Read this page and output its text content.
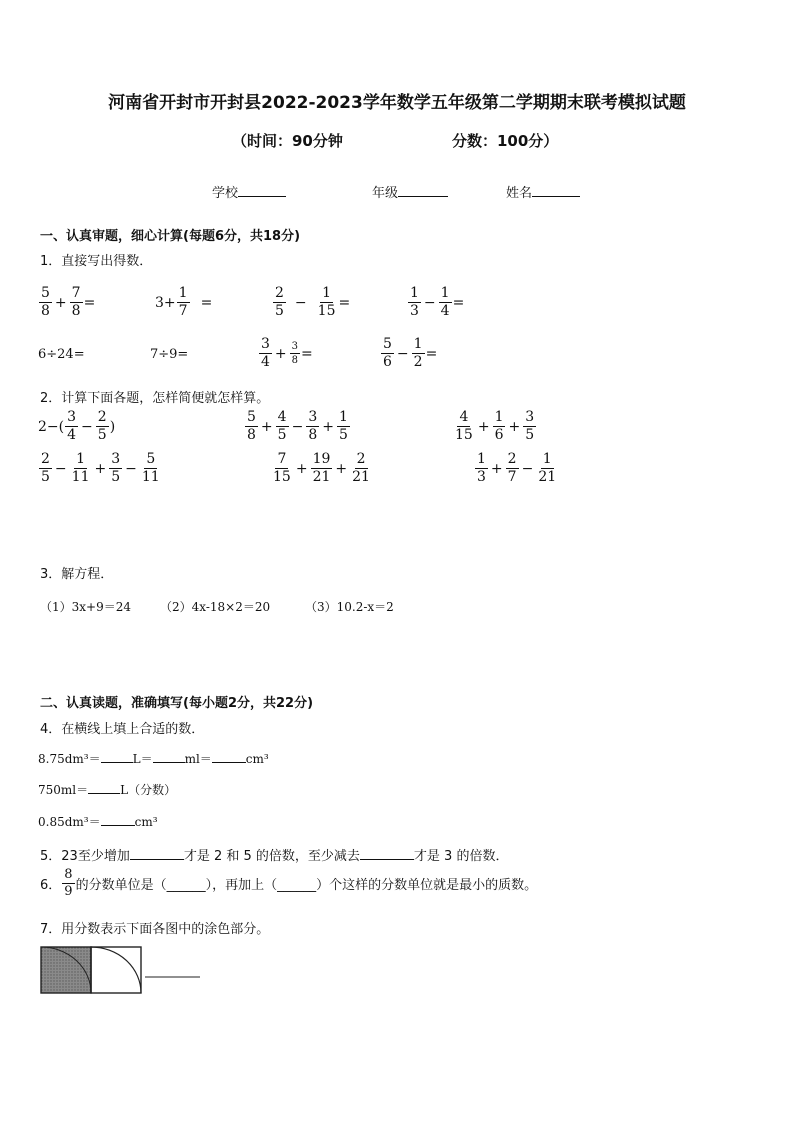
河南省开封市开封县2022-2023学年数学五年级第二学期期末联考模拟试题
（时间：90分钟	分数：100分）
学校	年级	姓名
一、认真审题，细心计算(每题6分，共18分)
1．直接写出得数．
$\frac{5}{8} + \frac{7}{8}$ =	$3+ \frac{1}{7}$ =	$\frac{2}{5} - \frac{1}{15}$ =	$\frac{1}{3} - \frac{1}{4}$ =
6÷24=	7÷9=	$\frac{3}{4} + \frac{3}{8}$ =	$\frac{5}{6} - \frac{1}{2}$ =
2．计算下面各题，怎样简便就怎样算。
$2-( \frac{3}{4} - \frac{2}{5}$ )	$\frac{5}{8} + \frac{4}{5} - \frac{3}{8} + \frac{1}{5}$	$\frac{4}{15} + \frac{1}{6} + \frac{3}{5}$
$\frac{2}{5} - \frac{1}{11} + \frac{3}{5} - \frac{5}{11}$	$\frac{7}{15} + \frac{19}{21} + \frac{2}{21}$	$\frac{1}{3} + \frac{2}{7} - \frac{1}{21}$
3．解方程．
（1）3x+9＝24 （2）4x-18×2＝20	（3）10.2-x＝2
二、认真读题，准确填写(每小题2分，共22分)
4．在横线上填上合适的数．
8.75dm³＝	L＝	ml＝	cm³
750ml＝	L（分数）
0.85dm³＝	cm³
5．23至少增加	才是 2 和 5 的倍数，至少减去	才是 3 的倍数．
6． $\frac{8}{9}$ 的分数单位是（______），再加上（______）个这样的分数单位就是最小的质数。
7．用分数表示下面各图中的涂色部分。
